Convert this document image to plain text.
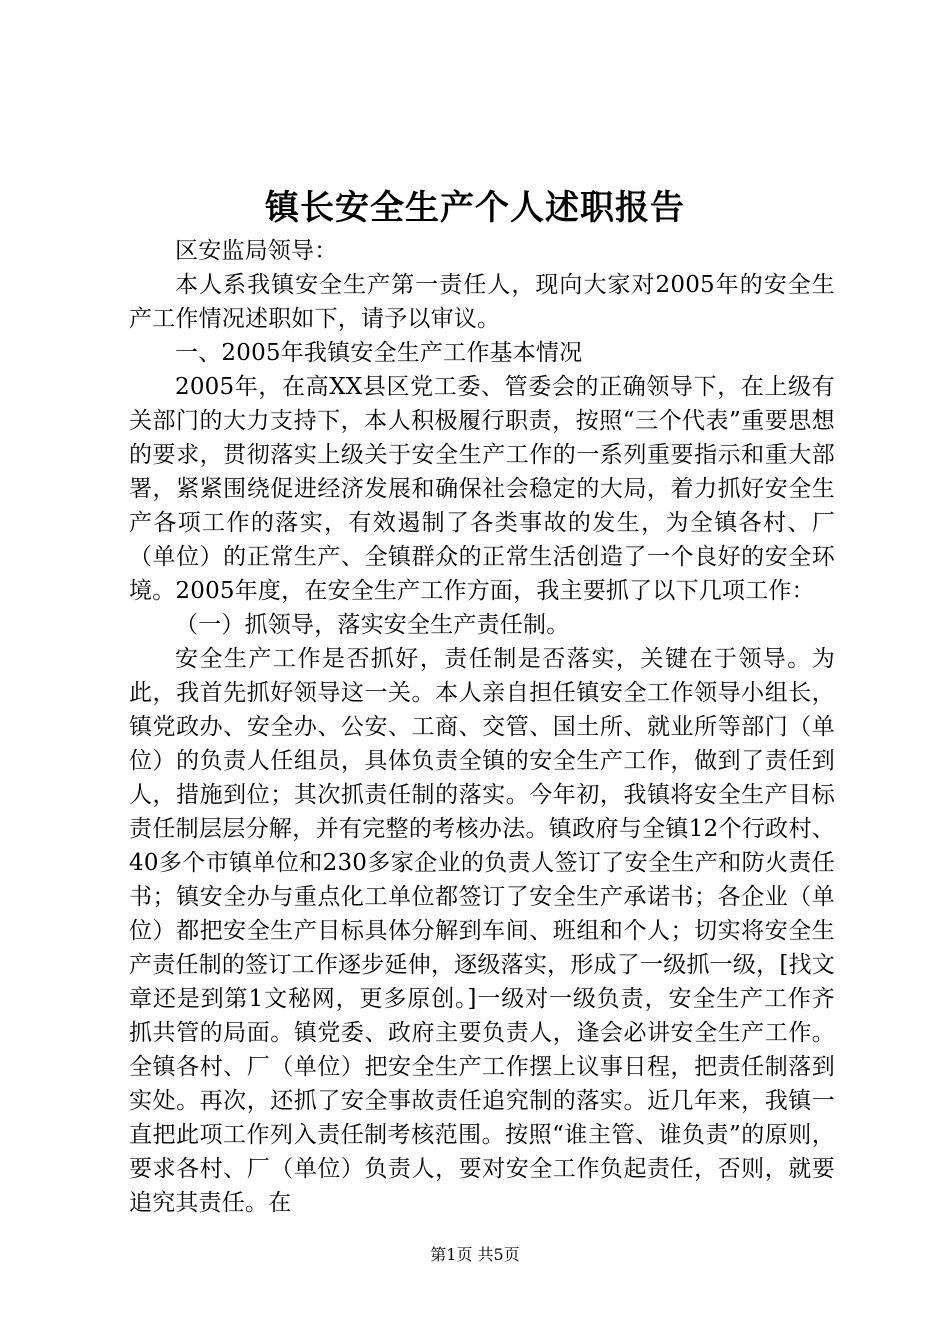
镇长安全生产个人述职报告

区安监局领导：

本人系我镇安全生产第一责任人，现向大家对2005年的安全生产工作情况述职如下，请予以审议。

一、2005年我镇安全生产工作基本情况

2005年，在高XX县区党工委、管委会的正确领导下，在上级有关部门的大力支持下，本人积极履行职责，按照“三个代表”重要思想的要求，贯彻落实上级关于安全生产工作的一系列重要指示和重大部署，紧紧围绕促进经济发展和确保社会稳定的大局，着力抓好安全生产各项工作的落实，有效遏制了各类事故的发生，为全镇各村、厂（单位）的正常生产、全镇群众的正常生活创造了一个良好的安全环境。2005年度，在安全生产工作方面，我主要抓了以下几项工作：

（一）抓领导，落实安全生产责任制。

安全生产工作是否抓好，责任制是否落实，关键在于领导。为此，我首先抓好领导这一关。本人亲自担任镇安全工作领导小组长，镇党政办、安全办、公安、工商、交管、国土所、就业所等部门（单位）的负责人任组员，具体负责全镇的安全生产工作，做到了责任到人，措施到位；其次抓责任制的落实。今年初，我镇将安全生产目标责任制层层分解，并有完整的考核办法。镇政府与全镇12个行政村、40多个市镇单位和230多家企业的负责人签订了安全生产和防火责任书；镇安全办与重点化工单位都签订了安全生产承诺书；各企业（单位）都把安全生产目标具体分解到车间、班组和个人；切实将安全生产责任制的签订工作逐步延伸，逐级落实，形成了一级抓一级，[找文章还是到第1文秘网，更多原创。]一级对一级负责，安全生产工作齐抓共管的局面。镇党委、政府主要负责人，逢会必讲安全生产工作。全镇各村、厂（单位）把安全生产工作摆上议事日程，把责任制落到实处。再次，还抓了安全事故责任追究制的落实。近几年来，我镇一直把此项工作列入责任制考核范围。按照“谁主管、谁负责”的原则，要求各村、厂（单位）负责人，要对安全工作负起责任，否则，就要追究其责任。在

第1页 共5页
